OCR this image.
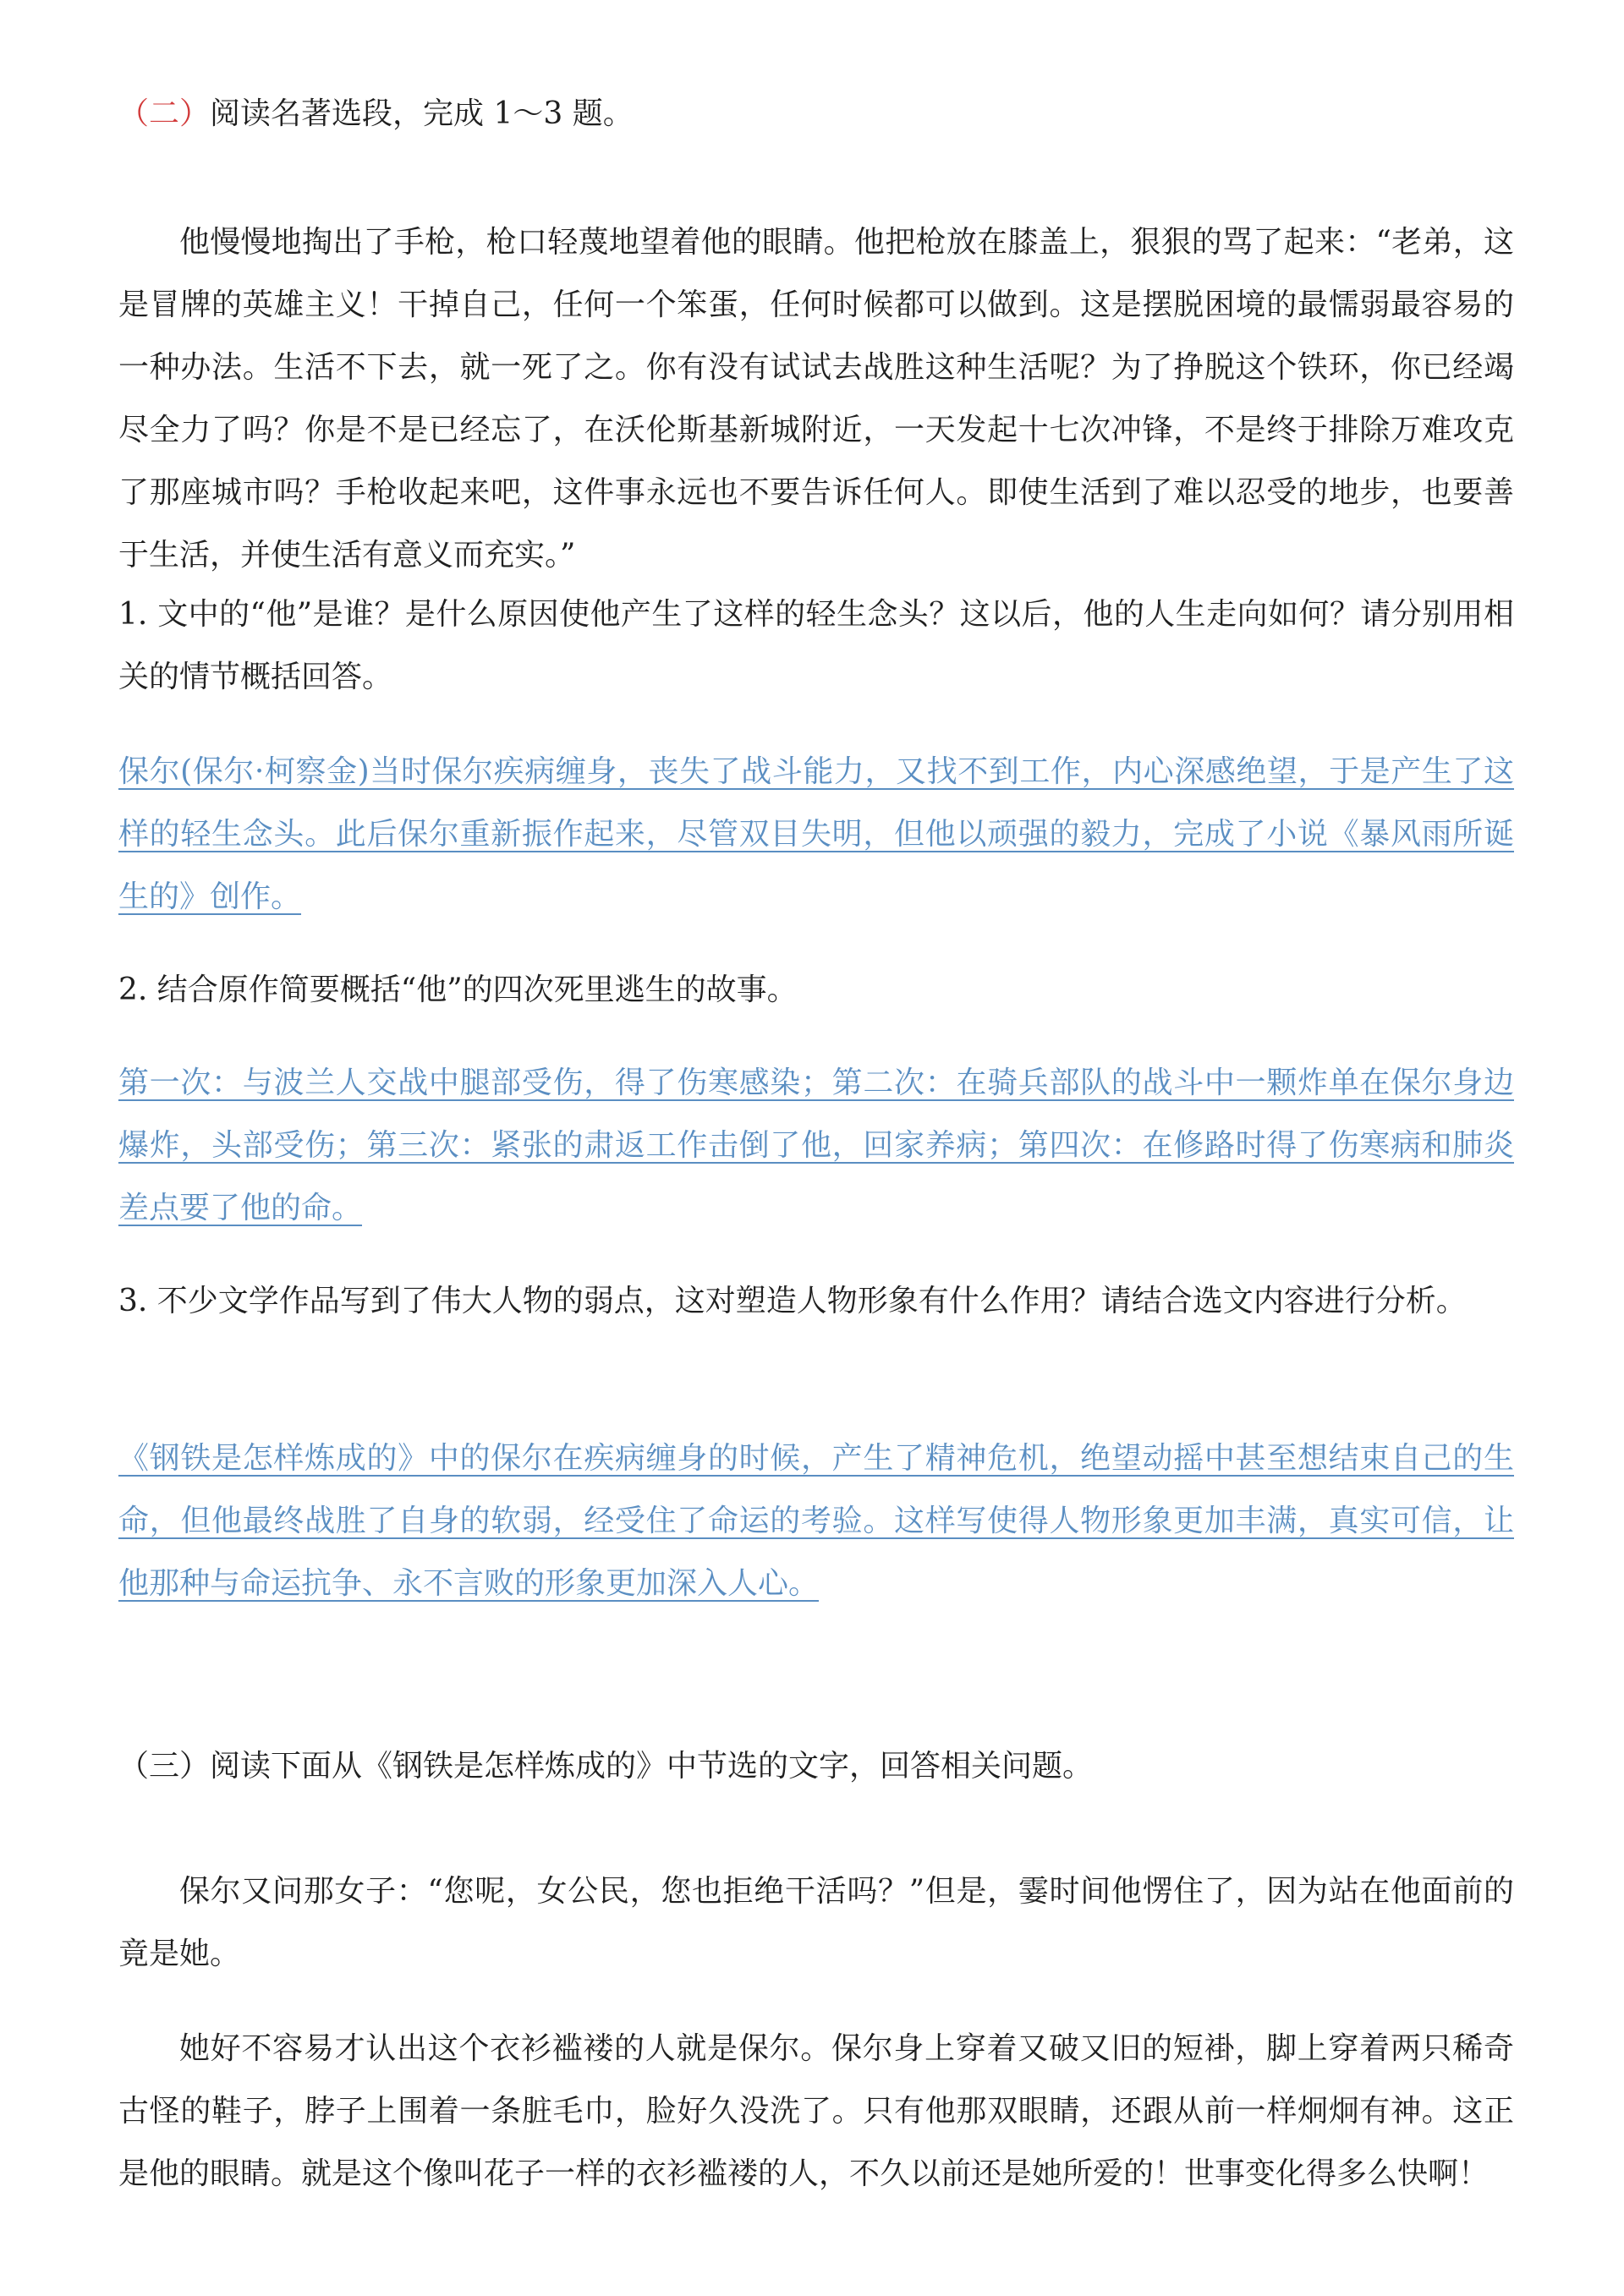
（二）阅读名著选段，完成 1～3 题。
他慢慢地掏出了手枪，枪口轻蔑地望着他的眼睛。他把枪放在膝盖上，狠狠的骂了起来：“老弟，这是冒牌的英雄主义！干掉自己，任何一个笨蛋，任何时候都可以做到。这是摆脱困境的最懦弱最容易的一种办法。生活不下去，就一死了之。你有没有试试去战胜这种生活呢？为了挣脱这个铁环，你已经竭尽全力了吗？你是不是已经忘了，在沃伦斯基新城附近，一天发起十七次冲锋，不是终于排除万难攻克了那座城市吗？手枪收起来吧，这件事永远也不要告诉任何人。即使生活到了难以忍受的地步，也要善于生活，并使生活有意义而充实。”
1. 文中的“他”是谁？是什么原因使他产生了这样的轻生念头？这以后，他的人生走向如何？请分别用相关的情节概括回答。
保尔(保尔·柯察金)当时保尔疾病缠身，丧失了战斗能力，又找不到工作，内心深感绝望，于是产生了这样的轻生念头。此后保尔重新振作起来，尽管双目失明，但他以顽强的毅力，完成了小说《暴风雨所诞生的》创作。
2. 结合原作简要概括“他”的四次死里逃生的故事。
第一次：与波兰人交战中腿部受伤，得了伤寒感染；第二次：在骑兵部队的战斗中一颗炸单在保尔身边爆炸，头部受伤；第三次：紧张的肃返工作击倒了他，回家养病；第四次：在修路时得了伤寒病和肺炎差点要了他的命。
3. 不少文学作品写到了伟大人物的弱点，这对塑造人物形象有什么作用？请结合选文内容进行分析。
《钢铁是怎样炼成的》中的保尔在疾病缠身的时候，产生了精神危机，绝望动摇中甚至想结束自己的生命，但他最终战胜了自身的软弱，经受住了命运的考验。这样写使得人物形象更加丰满，真实可信，让他那种与命运抗争、永不言败的形象更加深入人心。
（三）阅读下面从《钢铁是怎样炼成的》中节选的文字，回答相关问题。
保尔又问那女子：“您呢，女公民，您也拒绝干活吗？”但是，霎时间他愣住了，因为站在他面前的竟是她。
她好不容易才认出这个衣衫褴褛的人就是保尔。保尔身上穿着又破又旧的短褂，脚上穿着两只稀奇古怪的鞋子，脖子上围着一条脏毛巾，脸好久没洗了。只有他那双眼睛，还跟从前一样炯炯有神。这正是他的眼睛。就是这个像叫花子一样的衣衫褴褛的人，不久以前还是她所爱的！世事变化得多么快啊！
